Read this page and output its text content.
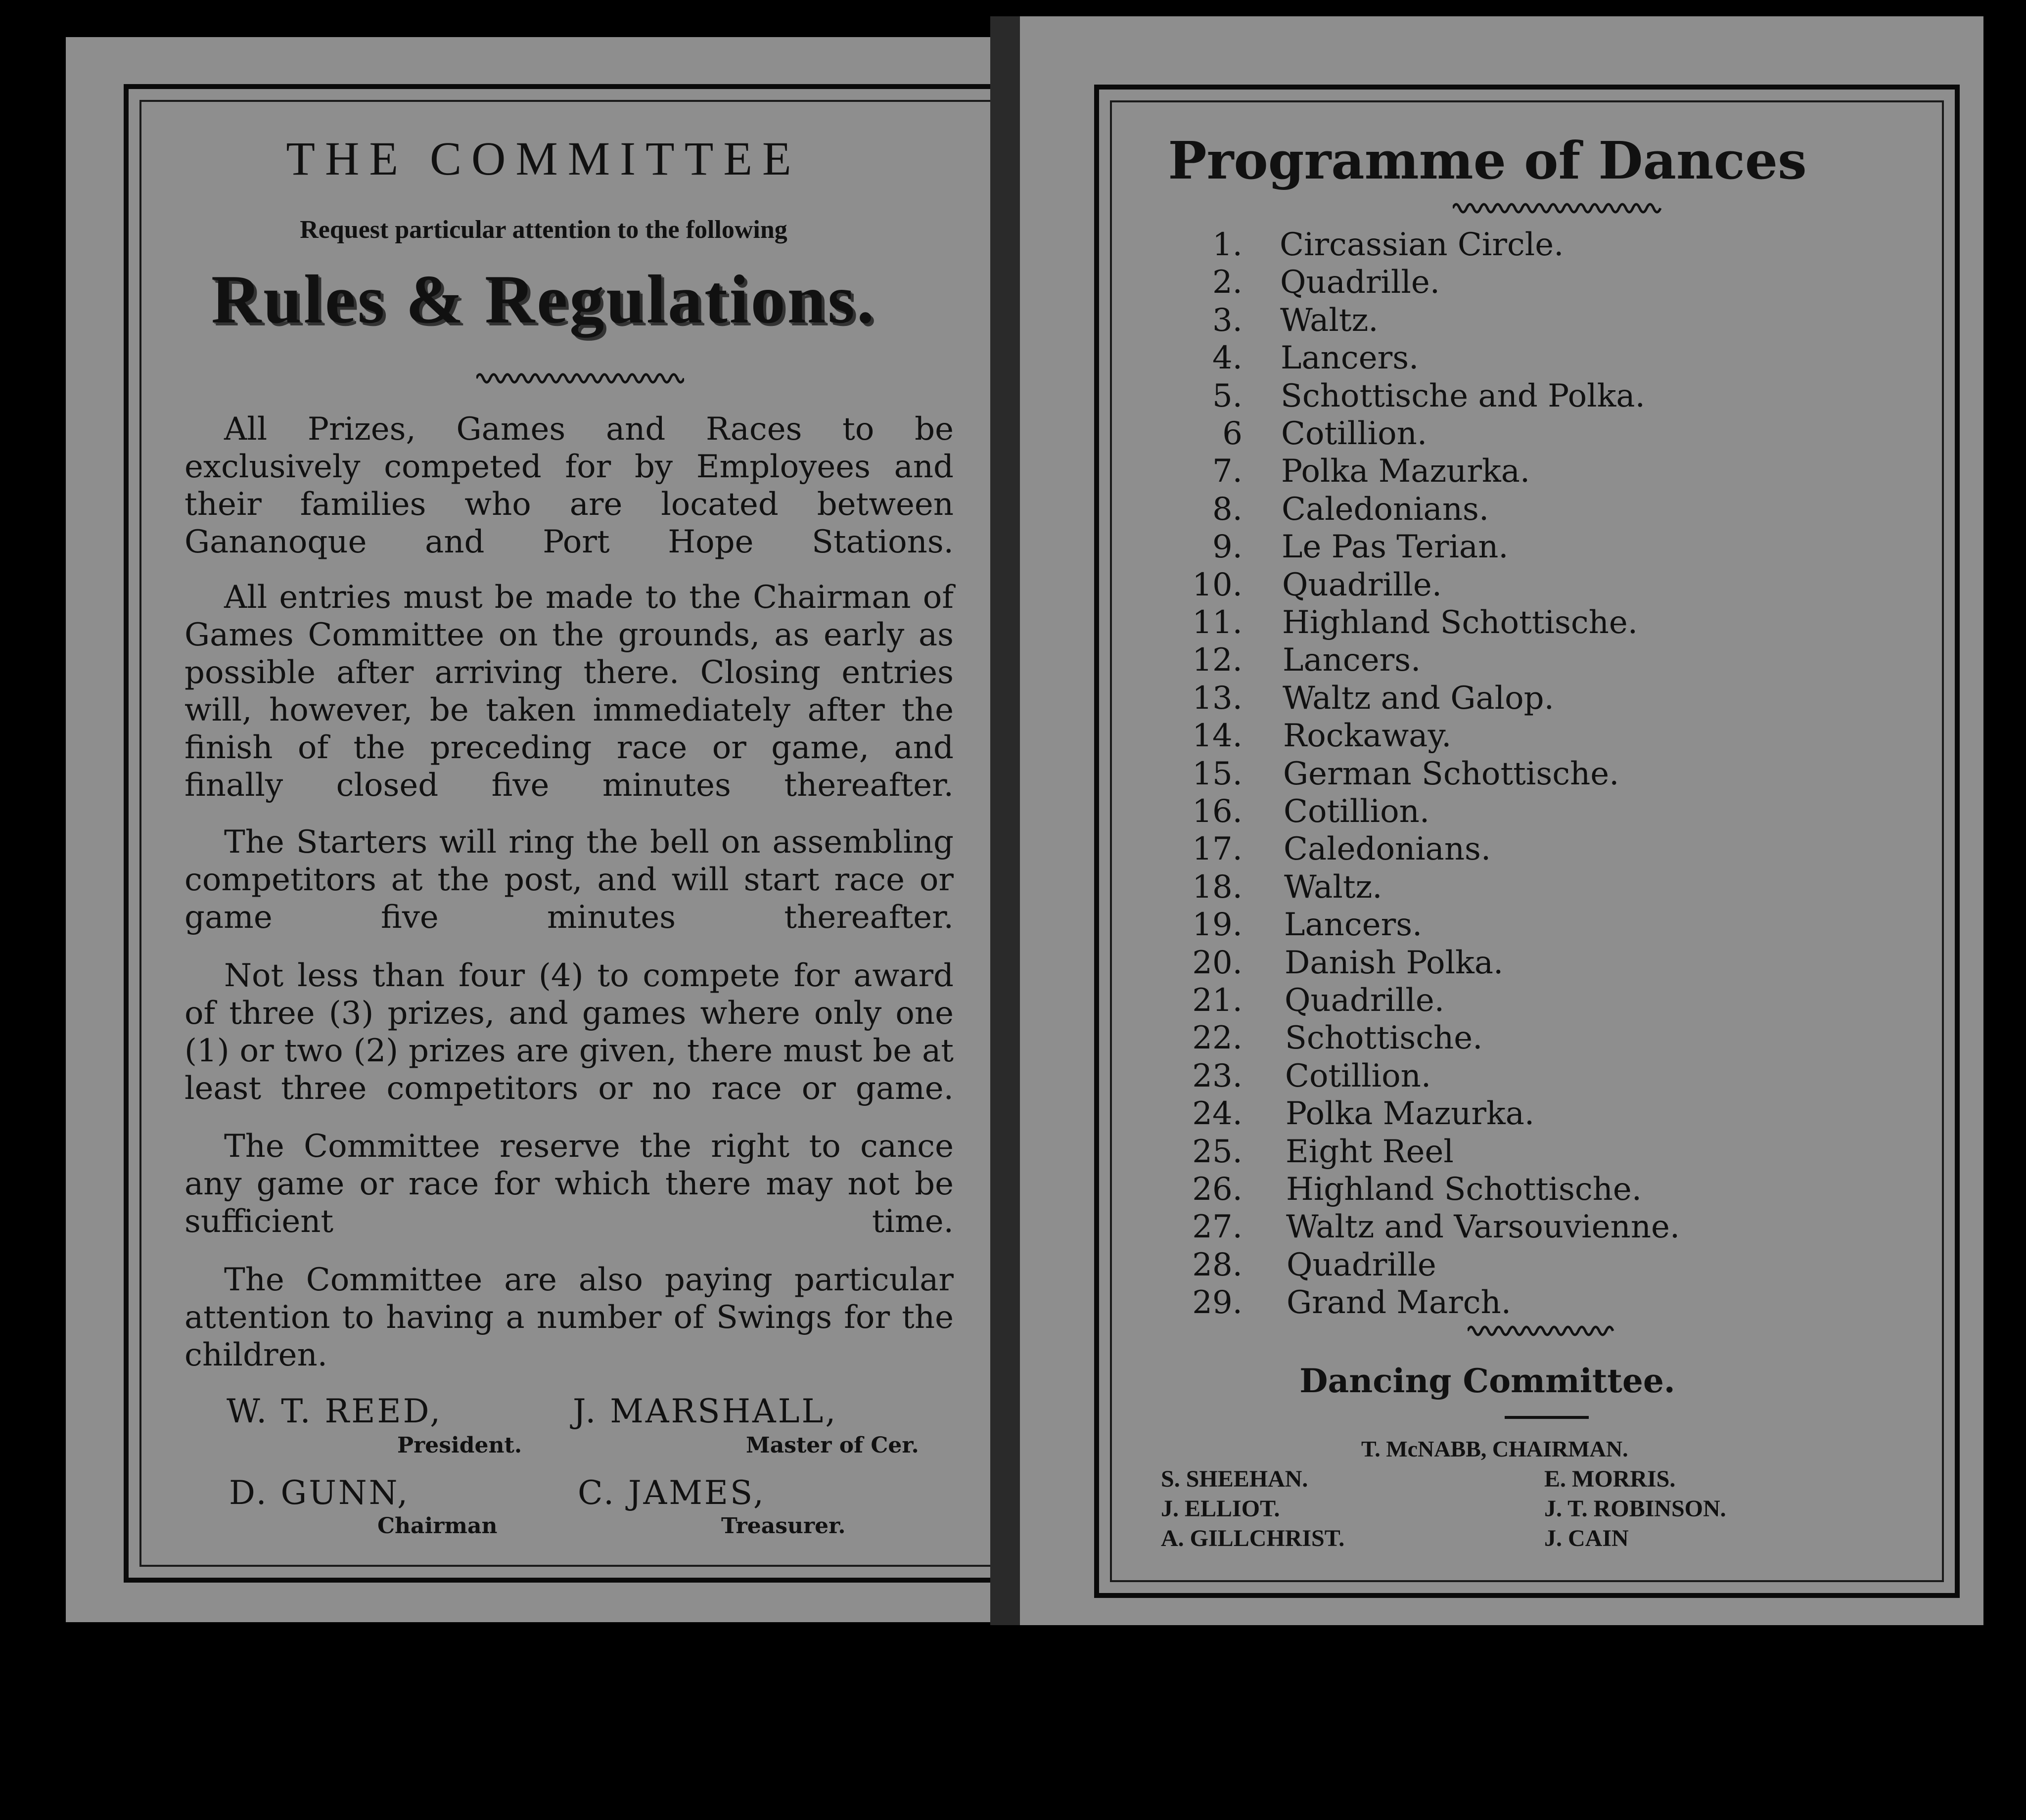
THE COMMITTEE
Request particular attention to the following
Rules & Regulations.

All Prizes, Games and Races to be exclusively competed for by Employees and their families who are located between Gananoque and Port Hope Stations.

All entries must be made to the Chairman of Games Committee on the grounds, as early as possible after arriving there. Closing entries will, however, be taken immediately after the finish of the preceding race or game, and finally closed five minutes thereafter.

The Starters will ring the bell on assembling competitors at the post, and will start race or game five minutes thereafter.

Not less than four (4) to compete for award of three (3) prizes, and games where only one (1) or two (2) prizes are given, there must be at least three competitors or no race or game.

The Committee reserve the right to cance any game or race for which there may not be sufficient time.

The Committee are also paying particular attention to having a number of Swings for the children.

W. T. REED,
President.
J. MARSHALL,
Master of Cer.
D. GUNN,
Chairman
C. JAMES,
Treasurer.
Programme of Dances
1. Circassian Circle.
2. Quadrille.
3. Waltz.
4. Lancers.
5. Schottische and Polka.
6 Cotillion.
7. Polka Mazurka.
8. Caledonians.
9. Le Pas Terian.
10. Quadrille.
11. Highland Schottische.
12. Lancers.
13. Waltz and Galop.
14. Rockaway.
15. German Schottische.
16. Cotillion.
17. Caledonians.
18. Waltz.
19. Lancers.
20. Danish Polka.
21. Quadrille.
22. Schottische.
23. Cotillion.
24. Polka Mazurka.
25. Eight Reel
26. Highland Schottische.
27. Waltz and Varsouvienne.
28. Quadrille
29. Grand March.
Dancing Committee.
T. McNABB, CHAIRMAN.
S. SHEEHAN.
J. ELLIOT.
A. GILLCHRIST.
E. MORRIS.
J. T. ROBINSON.
J. CAIN
